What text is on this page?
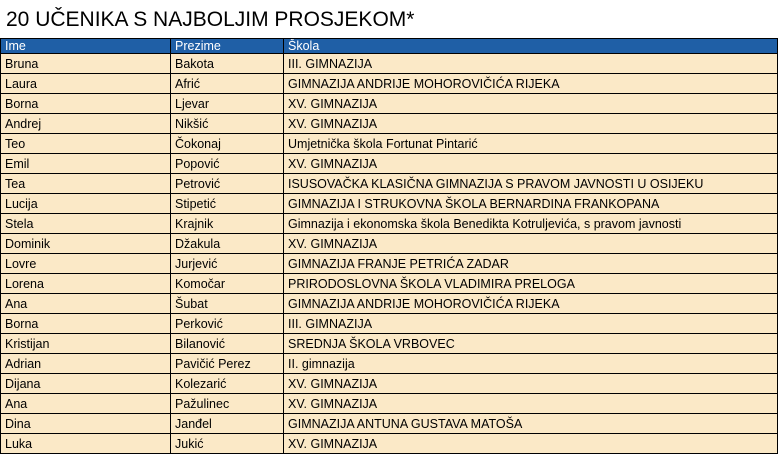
20 UČENIKA S NAJBOLJIM PROSJEKOM*
Ime	Prezime	Škola
Bruna	Bakota	III. GIMNAZIJA
Laura	Afrić	GIMNAZIJA ANDRIJE MOHOROVIČIĆA RIJEKA
Borna	Ljevar	XV. GIMNAZIJA
Andrej	Nikšić	XV. GIMNAZIJA
Teo	Čokonaj	Umjetnička škola Fortunat Pintarić
Emil	Popović	XV. GIMNAZIJA
Tea	Petrović	ISUSOVAČKA KLASIČNA GIMNAZIJA S PRAVOM JAVNOSTI U OSIJEKU
Lucija	Stipetić	GIMNAZIJA I STRUKOVNA ŠKOLA BERNARDINA FRANKOPANA
Stela	Krajnik	Gimnazija i ekonomska škola Benedikta Kotruljevića, s pravom javnosti
Dominik	Džakula	XV. GIMNAZIJA
Lovre	Jurjević	GIMNAZIJA FRANJE PETRIĆA ZADAR
Lorena	Komočar	PRIRODOSLOVNA ŠKOLA VLADIMIRA PRELOGA
Ana	Šubat	GIMNAZIJA ANDRIJE MOHOROVIČIĆA RIJEKA
Borna	Perković	III. GIMNAZIJA
Kristijan	Bilanović	SREDNJA ŠKOLA VRBOVEC
Adrian	Pavičić Perez	II. gimnazija
Dijana	Kolezarić	XV. GIMNAZIJA
Ana	Pažulinec	XV. GIMNAZIJA
Dina	Janđel	GIMNAZIJA ANTUNA GUSTAVA MATOŠA
Luka	Jukić	XV. GIMNAZIJA
